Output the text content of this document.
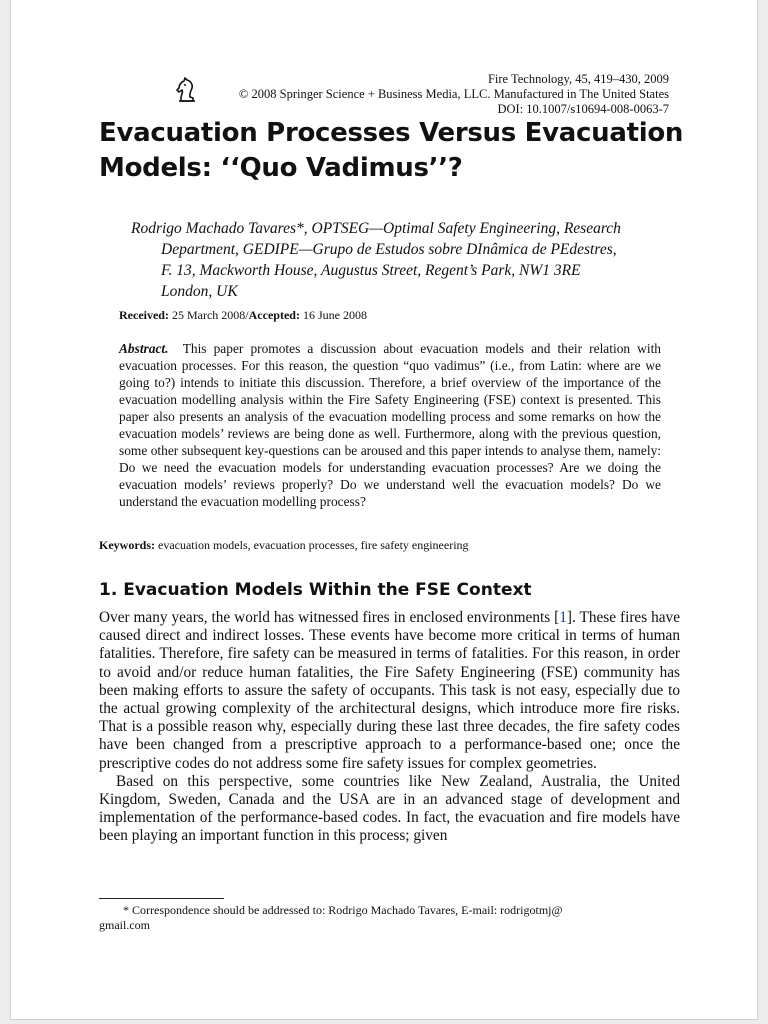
Fire Technology, 45, 419–430, 2009
© 2008 Springer Science + Business Media, LLC. Manufactured in The United States
DOI: 10.1007/s10694-008-0063-7
Evacuation Processes Versus Evacuation
Models: ‘‘Quo Vadimus’’?
Rodrigo Machado Tavares*, OPTSEG—Optimal Safety Engineering, Research
Department, GEDIPE—Grupo de Estudos sobre DInâmica de PEdestres,
F. 13, Mackworth House, Augustus Street, Regent’s Park, NW1 3RE
London, UK
Received: 25 March 2008/Accepted: 16 June 2008
Abstract. This paper promotes a discussion about evacuation models and their relation with evacuation processes. For this reason, the question “quo vadimus” (i.e., from Latin: where are we going to?) intends to initiate this discussion. Therefore, a brief overview of the importance of the evacuation modelling analysis within the Fire Safety Engineering (FSE) context is presented. This paper also presents an analysis of the evacuation modelling process and some remarks on how the evacuation models’ reviews are being done as well. Furthermore, along with the previous question, some other subsequent key-questions can be aroused and this paper intends to analyse them, namely: Do we need the evacuation models for understanding evacuation processes? Are we doing the evacuation models’ reviews properly? Do we understand well the evacuation models? Do we understand the evacuation modelling process?
Keywords: evacuation models, evacuation processes, fire safety engineering
1. Evacuation Models Within the FSE Context

Over many years, the world has witnessed fires in enclosed environments [1]. These fires have caused direct and indirect losses. These events have become more critical in terms of human fatalities. Therefore, fire safety can be measured in terms of fatalities. For this reason, in order to avoid and/or reduce human fatalities, the Fire Safety Engineering (FSE) community has been making efforts to assure the safety of occupants. This task is not easy, especially due to the actual growing complexity of the architectural designs, which introduce more fire risks. That is a possible reason why, especially during these last three decades, the fire safety codes have been changed from a prescriptive approach to a performance-based one; once the prescriptive codes do not address some fire safety issues for complex geometries.

Based on this perspective, some countries like New Zealand, Australia, the United Kingdom, Sweden, Canada and the USA are in an advanced stage of development and implementation of the performance-based codes. In fact, the evacuation and fire models have been playing an important function in this process; given

* Correspondence should be addressed to: Rodrigo Machado Tavares, E-mail: rodrigotmj@
gmail.com
